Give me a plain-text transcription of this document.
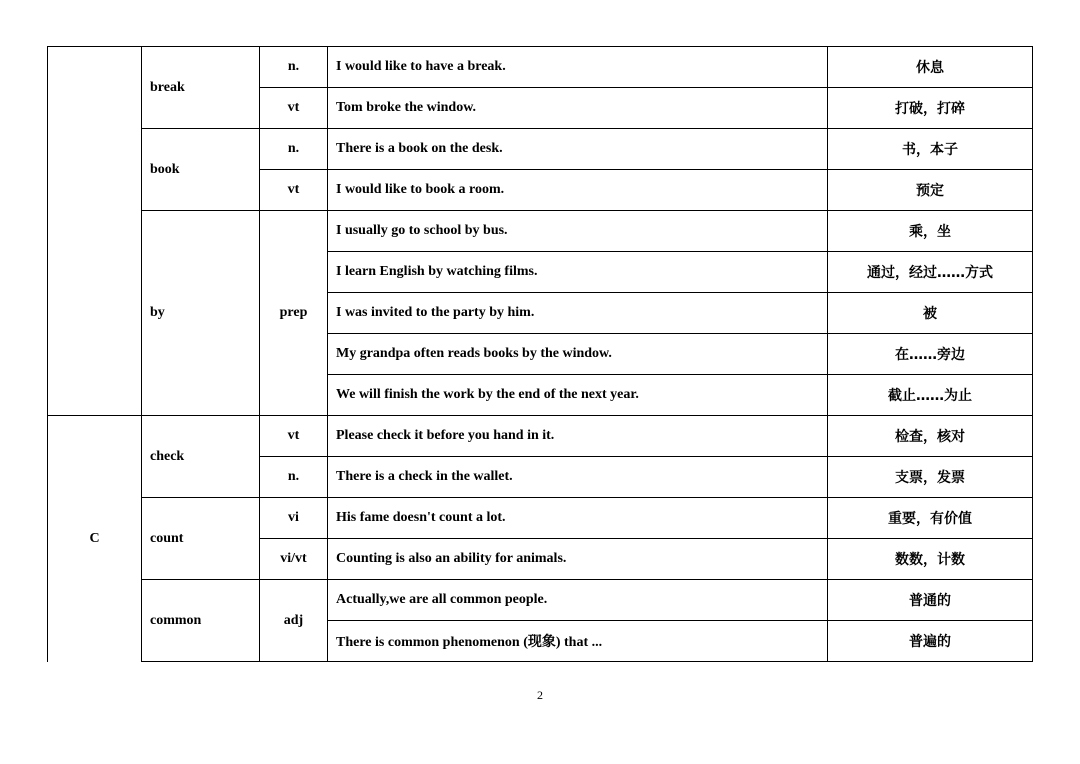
	break	n.	I would like to have a break.	休息
		vt	Tom broke the window.	打破，打碎
	book	n.	There is a book on the desk.	书，本子
		vt	I would like to book a room.	预定
	by	prep	I usually go to school by bus.	乘，坐
			I learn English by watching films.	通过，经过……方式
			I was invited to the party by him.	被
			My grandpa often reads books by the window.	在……旁边
			We will finish the work by the end of the next year.	截止……为止
C	check	vt	Please check it before you hand in it.	检查，核对
		n.	There is a check in the wallet.	支票，发票
	count	vi	His fame doesn't count a lot.	重要，有价值
		vi/vt	Counting is also an ability for animals.	数数，计数
	common	adj	Actually,we are all common people.	普通的
			There is common phenomenon (现象) that ...	普遍的
2
